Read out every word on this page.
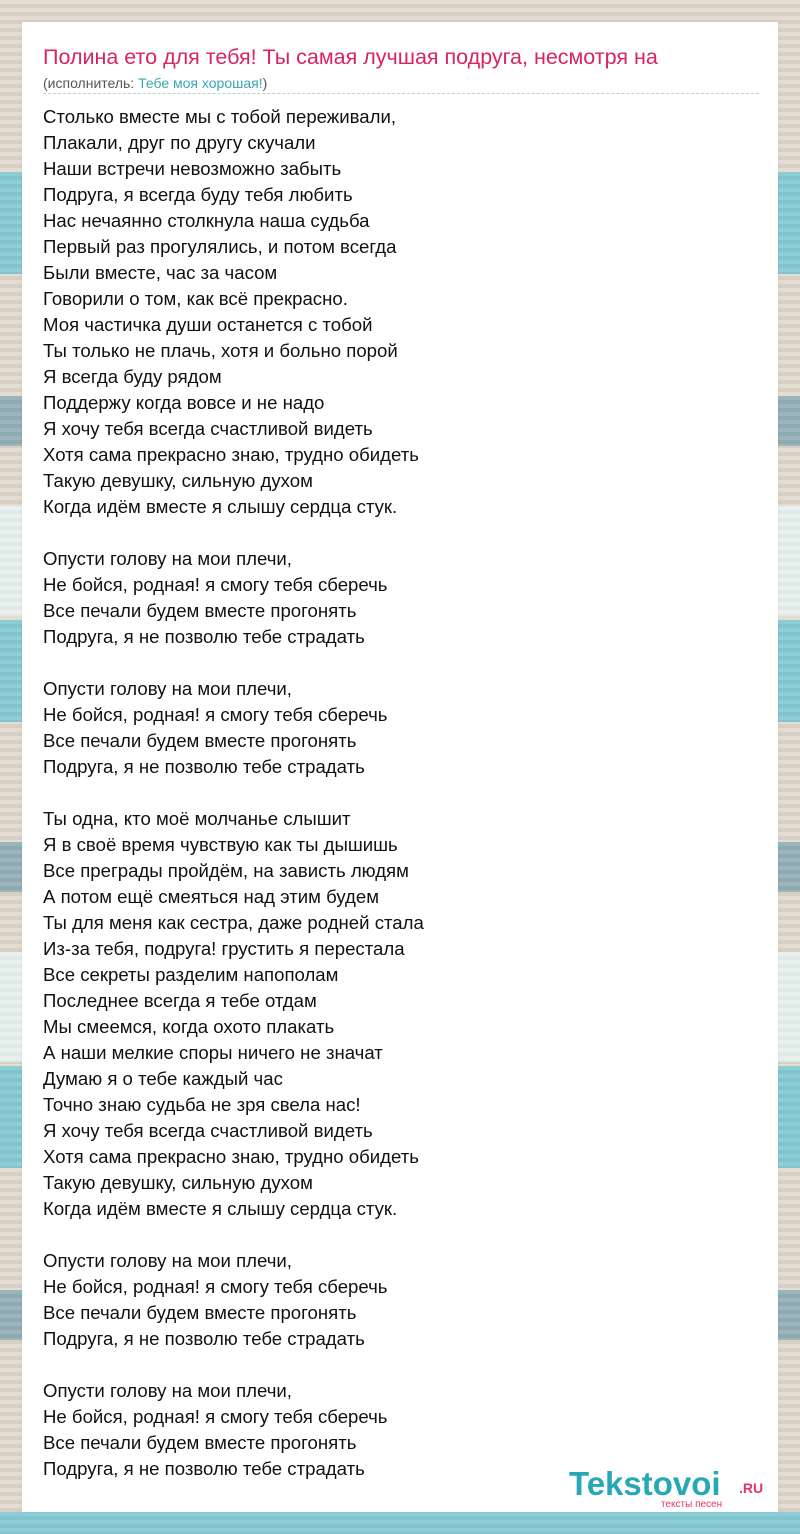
Полина ето для тебя! Ты самая лучшая подруга, несмотря на
(исполнитель: Тебе моя хорошая!)
Столько вместе мы с тобой переживали,
Плакали, друг по другу скучали
Наши встречи невозможно забыть
Подруга, я всегда буду тебя любить
Нас нечаянно столкнула наша судьба
Первый раз прогулялись, и потом всегда
Были вместе, час за часом
Говорили о том, как всё прекрасно.
Моя частичка души останется с тобой
Ты только не плачь, хотя и больно порой
Я всегда буду рядом
Поддержу когда вовсе и не надо
Я хочу тебя всегда счастливой видеть
Хотя сама прекрасно знаю, трудно обидеть
Такую девушку, сильную духом
Когда идём вместе я слышу сердца стук.
Опусти голову на мои плечи,
Не бойся, родная! я смогу тебя сберечь
Все печали будем вместе прогонять
Подруга, я не позволю тебе страдать
Опусти голову на мои плечи,
Не бойся, родная! я смогу тебя сберечь
Все печали будем вместе прогонять
Подруга, я не позволю тебе страдать
Ты одна, кто моё молчанье слышит
Я в своё время чувствую как ты дышишь
Все преграды пройдём, на зависть людям
А потом ещё смеяться над этим будем
Ты для меня как сестра, даже родней стала
Из-за тебя, подруга! грустить я перестала
Все секреты разделим напополам
Последнее всегда я тебе отдам
Мы смеемся, когда охото плакать
А наши мелкие споры ничего не значат
Думаю я о тебе каждый час
Точно знаю судьба не зря свела нас!
Я хочу тебя всегда счастливой видеть
Хотя сама прекрасно знаю, трудно обидеть
Такую девушку, сильную духом
Когда идём вместе я слышу сердца стук.
Опусти голову на мои плечи,
Не бойся, родная! я смогу тебя сберечь
Все печали будем вместе прогонять
Подруга, я не позволю тебе страдать
Опусти голову на мои плечи,
Не бойся, родная! я смогу тебя сберечь
Все печали будем вместе прогонять
Подруга, я не позволю тебе страдать	Tekstovoi .RU
тексты песен
